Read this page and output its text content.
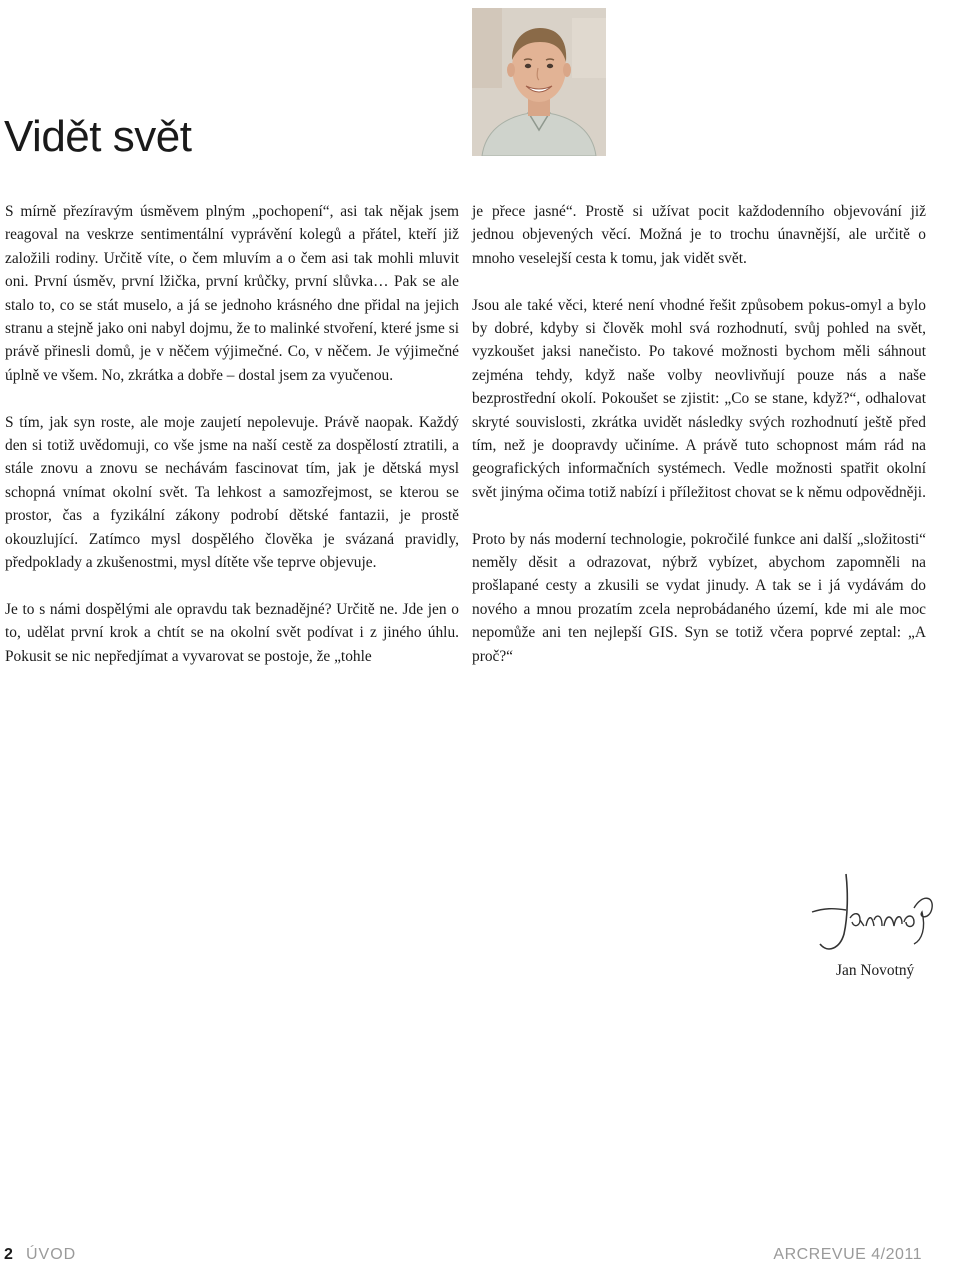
Vidět svět

S mírně přezíravým úsměvem plným „pochopení“, asi tak nějak jsem reagoval na veskrze sentimentální vyprávění kolegů a přátel, kteří již založili rodiny. Určitě víte, o čem mluvím a o čem asi tak mohli mluvit oni. První úsměv, první lžička, první krůčky, první slůvka… Pak se ale stalo to, co se stát muselo, a já se jednoho krásného dne přidal na jejich stranu a stejně jako oni nabyl dojmu, že to malinké stvoření, které jsme si právě přinesli domů, je v něčem výjimečné. Co, v něčem. Je výjimečné úplně ve všem. No, zkrátka a dobře – dostal jsem za vyučenou.

S tím, jak syn roste, ale moje zaujetí nepolevuje. Právě naopak. Každý den si totiž uvědomuji, co vše jsme na naší cestě za dospělostí ztratili, a stále znovu a znovu se nechávám fascinovat tím, jak je dětská mysl schopná vnímat okolní svět. Ta lehkost a samozřejmost, se kterou se prostor, čas a fyzikální zákony podrobí dětské fantazii, je prostě okouzlující. Zatímco mysl dospělého člověka je svázaná pravidly, předpoklady a zkušenostmi, mysl dítěte vše teprve objevuje.

Je to s námi dospělými ale opravdu tak beznadějné? Určitě ne. Jde jen o to, udělat první krok a chtít se na okolní svět podívat i z jiného úhlu. Pokusit se nic nepředjímat a vyvarovat se postoje, že „tohle

je přece jasné“. Prostě si užívat pocit každodenního objevování již jednou objevených věcí. Možná je to trochu únavnější, ale určitě o mnoho veselejší cesta k tomu, jak vidět svět.

Jsou ale také věci, které není vhodné řešit způsobem pokus-omyl a bylo by dobré, kdyby si člověk mohl svá rozhodnutí, svůj pohled na svět, vyzkoušet jaksi nanečisto. Po takové možnosti bychom měli sáhnout zejména tehdy, když naše volby neovlivňují pouze nás a naše bezprostřední okolí. Pokoušet se zjistit: „Co se stane, když?“, odhalovat skryté souvislosti, zkrátka uvidět následky svých rozhodnutí ještě před tím, než je doopravdy učiníme. A právě tuto schopnost mám rád na geografických informačních systémech. Vedle možnosti spatřit okolní svět jinýma očima totiž nabízí i příležitost chovat se k němu odpovědněji.

Proto by nás moderní technologie, pokročilé funkce ani další „složitosti“ neměly děsit a odrazovat, nýbrž vybízet, abychom zapomněli na prošlapané cesty a zkusili se vydat jinudy. A tak se i já vydávám do nového a mnou prozatím zcela neprobádaného území, kde mi ale moc nepomůže ani ten nejlepší GIS. Syn se totiž včera poprvé zeptal: „A proč?“

Jan Novotný

2 ÚVOD	ARCREVUE 4/2011
